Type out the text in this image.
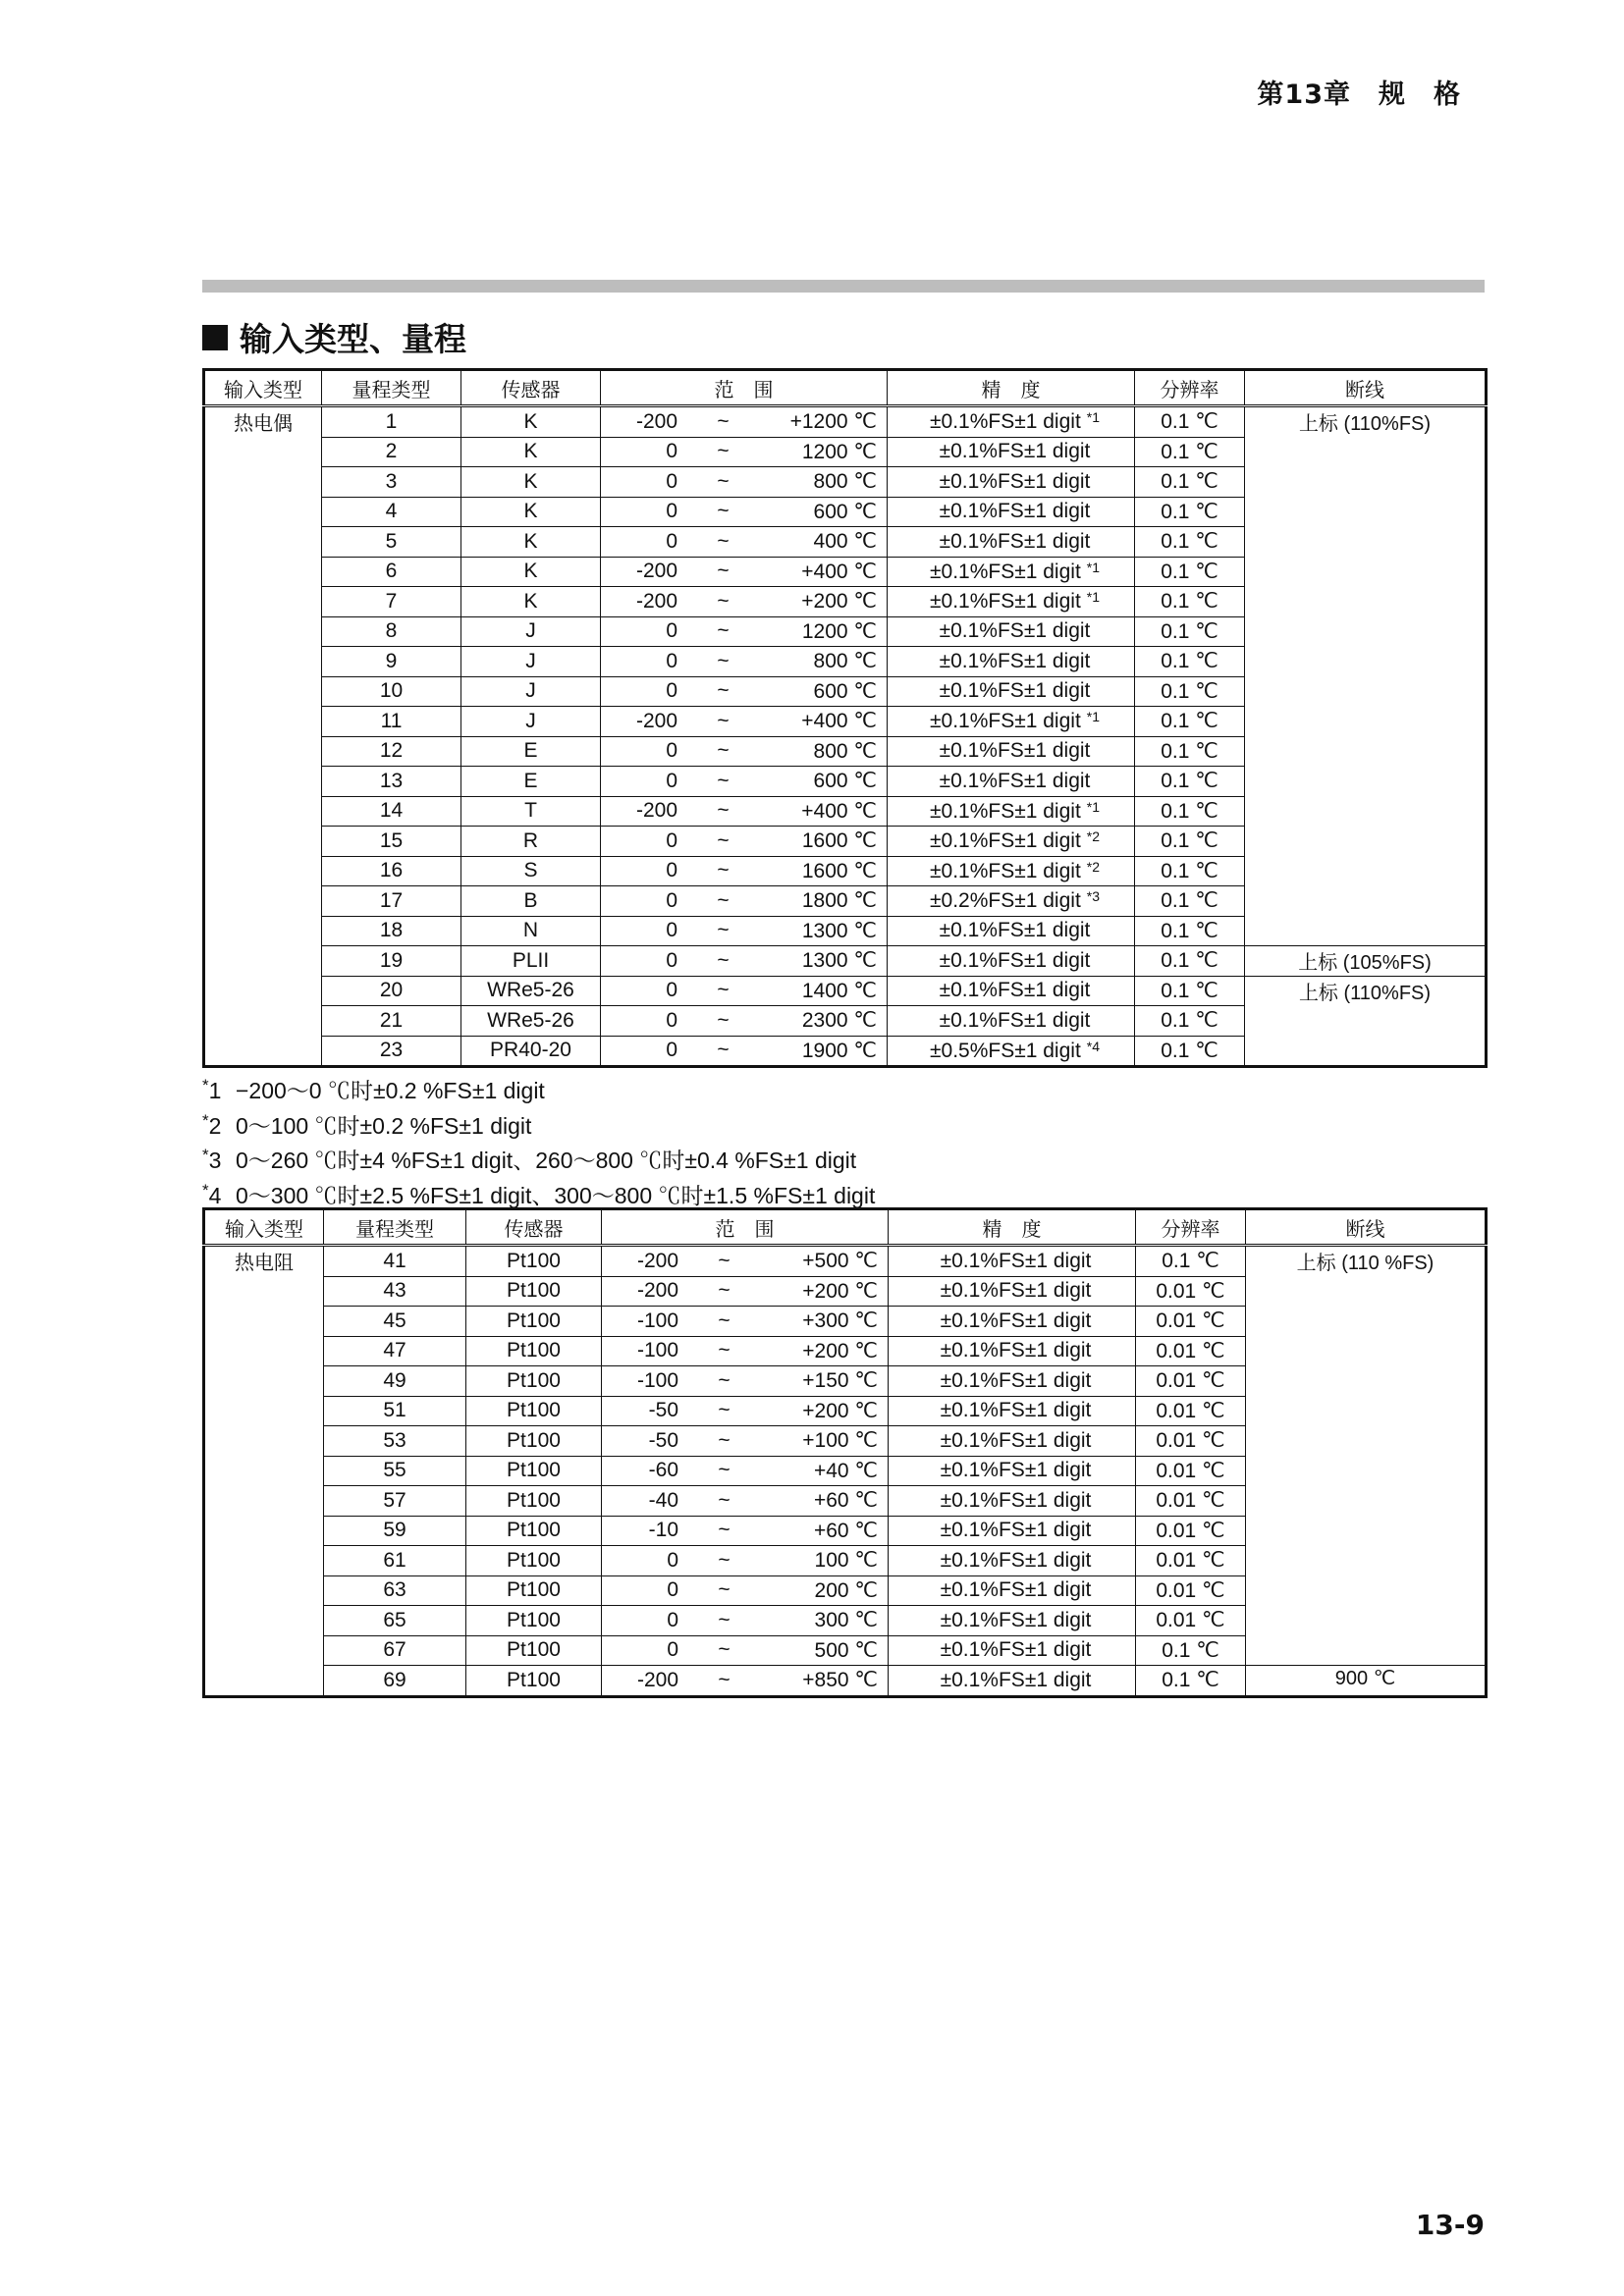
第13章　规　格
输入类型、量程
输入类型	量程类型	传感器	范　围	精　度	分辨率	断线
热电偶	1	K	-200 ~ +1200 ℃	±0.1%FS±1 digit $^{*1}$	0.1 ℃	上标 (110%FS)
	2	K	0 ~ 1200 ℃	±0.1%FS±1 digit	0.1 ℃	
	3	K	0 ~ 800 ℃	±0.1%FS±1 digit	0.1 ℃	
	4	K	0 ~ 600 ℃	±0.1%FS±1 digit	0.1 ℃	
	5	K	0 ~ 400 ℃	±0.1%FS±1 digit	0.1 ℃	
	6	K	-200 ~ +400 ℃	±0.1%FS±1 digit $^{*1}$	0.1 ℃	
	7	K	-200 ~ +200 ℃	±0.1%FS±1 digit $^{*1}$	0.1 ℃	
	8	J	0 ~ 1200 ℃	±0.1%FS±1 digit	0.1 ℃	
	9	J	0 ~ 800 ℃	±0.1%FS±1 digit	0.1 ℃	
	10	J	0 ~ 600 ℃	±0.1%FS±1 digit	0.1 ℃	
	11	J	-200 ~ +400 ℃	±0.1%FS±1 digit $^{*1}$	0.1 ℃	
	12	E	0 ~ 800 ℃	±0.1%FS±1 digit	0.1 ℃	
	13	E	0 ~ 600 ℃	±0.1%FS±1 digit	0.1 ℃	
	14	T	-200 ~ +400 ℃	±0.1%FS±1 digit $^{*1}$	0.1 ℃	
	15	R	0 ~ 1600 ℃	±0.1%FS±1 digit $^{*2}$	0.1 ℃	
	16	S	0 ~ 1600 ℃	±0.1%FS±1 digit $^{*2}$	0.1 ℃	
	17	B	0 ~ 1800 ℃	±0.2%FS±1 digit $^{*3}$	0.1 ℃	
	18	N	0 ~ 1300 ℃	±0.1%FS±1 digit	0.1 ℃	
	19	PLII	0 ~ 1300 ℃	±0.1%FS±1 digit	0.1 ℃	上标 (105%FS)
	20	WRe5-26	0 ~ 1400 ℃	±0.1%FS±1 digit	0.1 ℃	上标 (110%FS)
	21	WRe5-26	0 ~ 2300 ℃	±0.1%FS±1 digit	0.1 ℃	
	23	PR40-20	0 ~ 1900 ℃	±0.5%FS±1 digit $^{*4}$	0.1 ℃	
*1 −200～0 ℃时±0.2 %FS±1 digit
*2 0～100 ℃时±0.2 %FS±1 digit
*3 0～260 ℃时±4 %FS±1 digit、260～800 ℃时±0.4 %FS±1 digit
*4 0～300 ℃时±2.5 %FS±1 digit、300～800 ℃时±1.5 %FS±1 digit
输入类型	量程类型	传感器	范　围	精　度	分辨率	断线
热电阻	41	Pt100	-200 ~ +500 ℃	±0.1%FS±1 digit	0.1 ℃	上标 (110 %FS)
	43	Pt100	-200 ~ +200 ℃	±0.1%FS±1 digit	0.01 ℃	
	45	Pt100	-100 ~ +300 ℃	±0.1%FS±1 digit	0.01 ℃	
	47	Pt100	-100 ~ +200 ℃	±0.1%FS±1 digit	0.01 ℃	
	49	Pt100	-100 ~ +150 ℃	±0.1%FS±1 digit	0.01 ℃	
	51	Pt100	-50 ~ +200 ℃	±0.1%FS±1 digit	0.01 ℃	
	53	Pt100	-50 ~ +100 ℃	±0.1%FS±1 digit	0.01 ℃	
	55	Pt100	-60 ~ +40 ℃	±0.1%FS±1 digit	0.01 ℃	
	57	Pt100	-40 ~ +60 ℃	±0.1%FS±1 digit	0.01 ℃	
	59	Pt100	-10 ~ +60 ℃	±0.1%FS±1 digit	0.01 ℃	
	61	Pt100	0 ~ 100 ℃	±0.1%FS±1 digit	0.01 ℃	
	63	Pt100	0 ~ 200 ℃	±0.1%FS±1 digit	0.01 ℃	
	65	Pt100	0 ~ 300 ℃	±0.1%FS±1 digit	0.01 ℃	
	67	Pt100	0 ~ 500 ℃	±0.1%FS±1 digit	0.1 ℃	
	69	Pt100	-200 ~ +850 ℃	±0.1%FS±1 digit	0.1 ℃	900 ℃
13-9
